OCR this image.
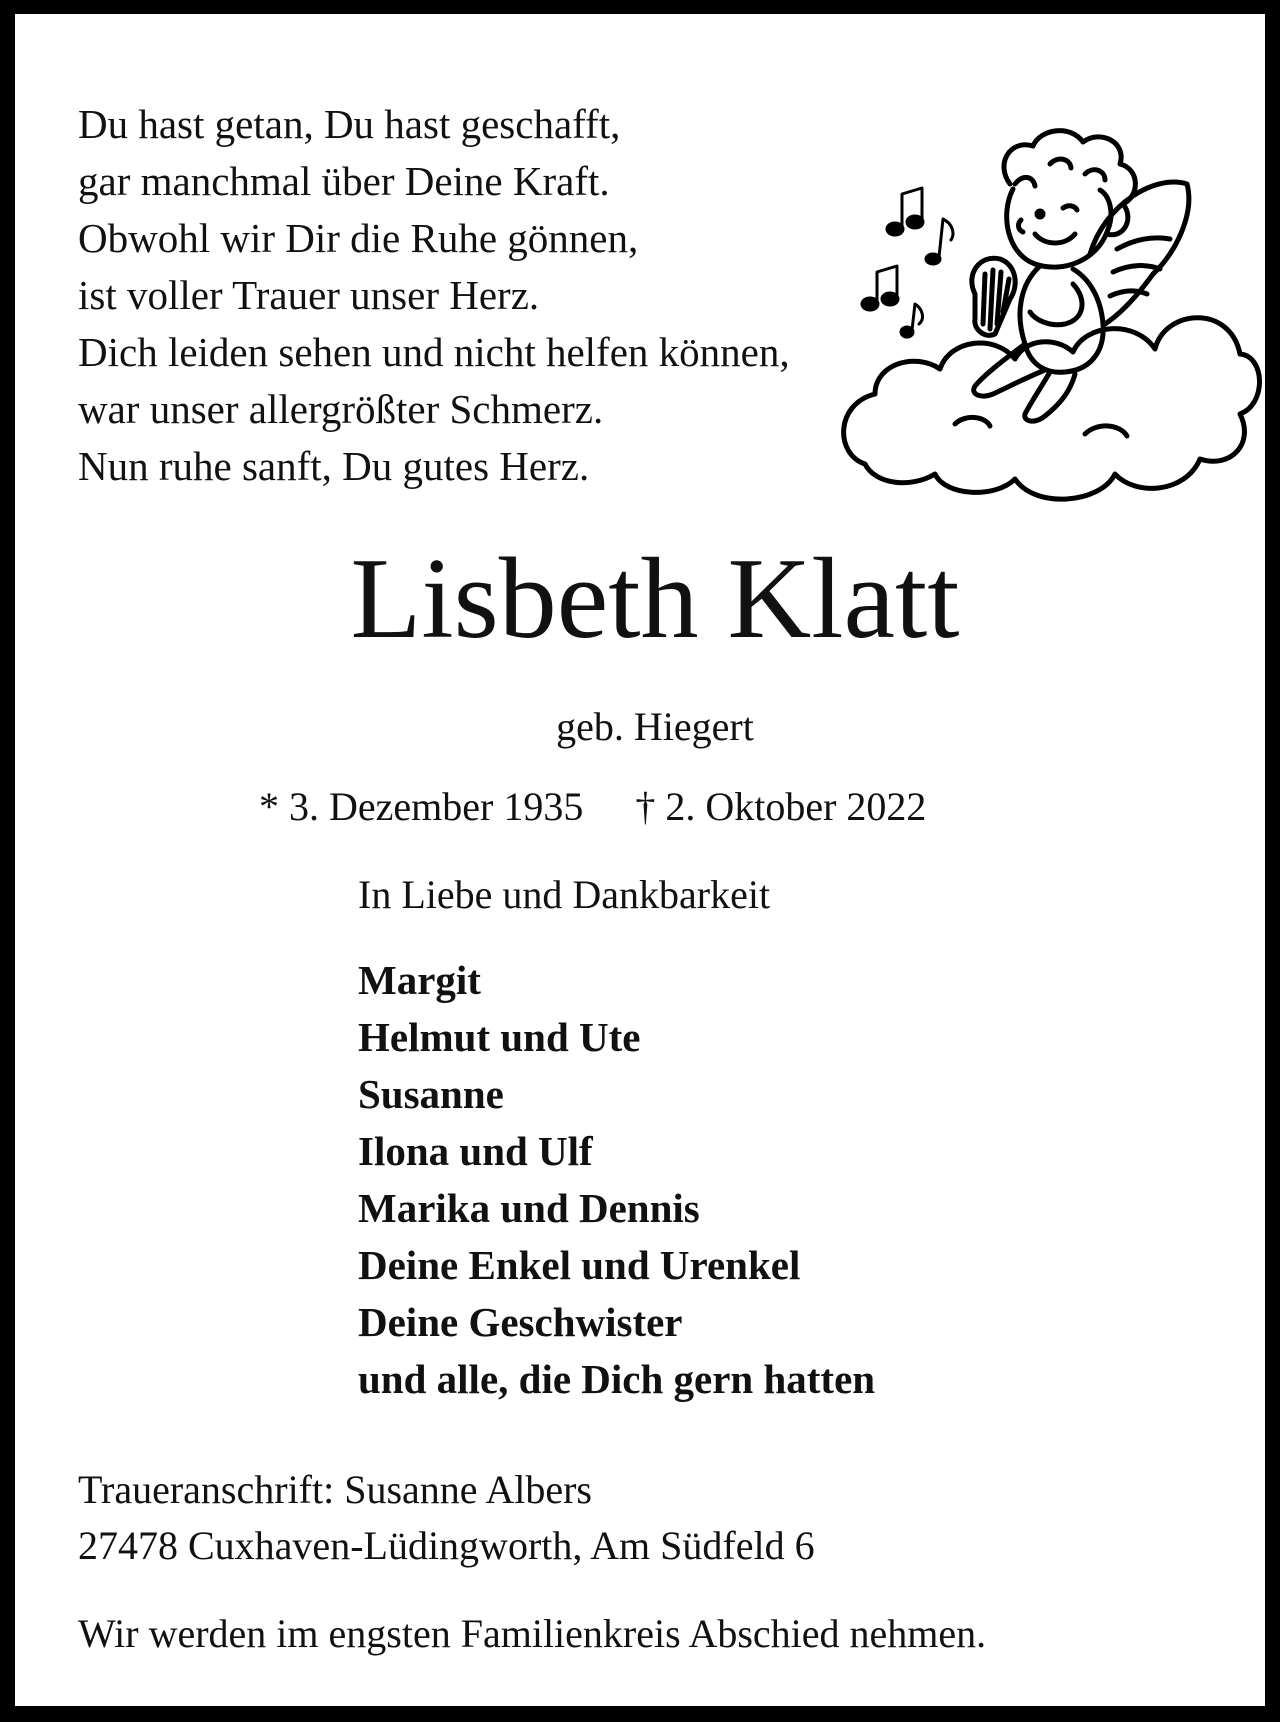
Du hast getan, Du hast geschafft,
gar manchmal über Deine Kraft.
Obwohl wir Dir die Ruhe gönnen,
ist voller Trauer unser Herz.
Dich leiden sehen und nicht helfen können,
war unser allergrößter Schmerz.
Nun ruhe sanft, Du gutes Herz.
Lisbeth Klatt
geb. Hiegert
* 3. Dezember 1935 † 2. Oktober 2022
In Liebe und Dankbarkeit
Margit
Helmut und Ute
Susanne
Ilona und Ulf
Marika und Dennis
Deine Enkel und Urenkel
Deine Geschwister
und alle, die Dich gern hatten
Traueranschrift: Susanne Albers
27478 Cuxhaven-Lüdingworth, Am Südfeld 6
Wir werden im engsten Familienkreis Abschied nehmen.
